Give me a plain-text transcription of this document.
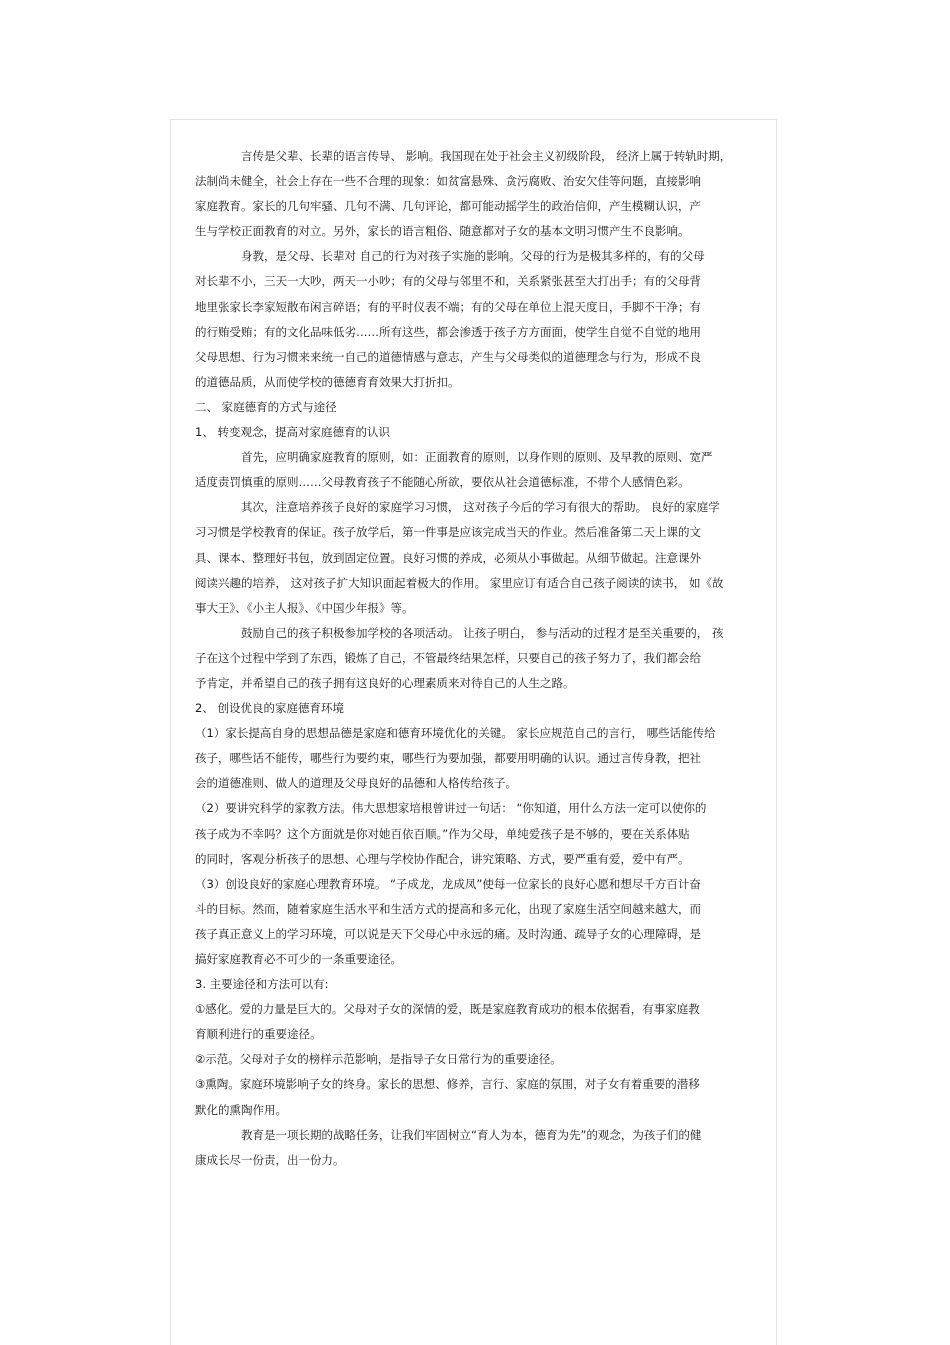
言传是父辈、长辈的语言传导、 影响。我国现在处于社会主义初级阶段， 经济上属于转轨时期，
法制尚未健全，社会上存在一些不合理的现象：如贫富悬殊、贪污腐败、治安欠佳等问题，直接影响
家庭教育。家长的几句牢骚、几句不满、几句评论，都可能动摇学生的政治信仰，产生模糊认识，产
生与学校正面教育的对立。另外，家长的语言粗俗、随意都对子女的基本文明习惯产生不良影响。
身教，是父母、长辈对 自己的行为对孩子实施的影响。父母的行为是极其多样的，有的父母
对长辈不小，三天一大吵，两天一小吵；有的父母与邻里不和，关系紧张甚至大打出手；有的父母背
地里张家长李家短散布闲言碎语；有的平时仪表不端；有的父母在单位上混天度日，手脚不干净；有
的行贿受贿；有的文化品味低劣……所有这些，都会渗透于孩子方方面面，使学生自觉不自觉的地用
父母思想、行为习惯来来统一自己的道德情感与意志，产生与父母类似的道德理念与行为，形成不良
的道德品质，从而使学校的德德育育效果大打折扣。
二、 家庭德育的方式与途径
1、 转变观念，提高对家庭德育的认识
首先，应明确家庭教育的原则，如：正面教育的原则，以身作则的原则、及早教的原则、宽严
适度责罚慎重的原则……父母教育孩子不能随心所欲，要依从社会道德标准，不带个人感情色彩。
其次，注意培养孩子良好的家庭学习习惯， 这对孩子今后的学习有很大的帮助。 良好的家庭学
习习惯是学校教育的保证。孩子放学后，第一件事是应该完成当天的作业。然后准备第二天上课的文
具、课本、整理好书包，放到固定位置。良好习惯的养成，必须从小事做起。从细节做起。注意课外
阅读兴趣的培养， 这对孩子扩大知识面起着极大的作用。 家里应订有适合自己孩子阅读的读书， 如《故
事大王》、《小主人报》、《中国少年报》等。
鼓励自己的孩子积极参加学校的各项活动。 让孩子明白， 参与活动的过程才是至关重要的， 孩
子在这个过程中学到了东西，锻炼了自己，不管最终结果怎样，只要自己的孩子努力了，我们都会给
予肯定，并希望自己的孩子拥有这良好的心理素质来对待自己的人生之路。
2、 创设优良的家庭德育环境
（1）家长提高自身的思想品德是家庭和德育环境优化的关键。 家长应规范自己的言行， 哪些话能传给
孩子，哪些话不能传，哪些行为要约束，哪些行为要加强，都要用明确的认识。通过言传身教，把社
会的道德准则、做人的道理及父母良好的品德和人格传给孩子。
（2）要讲究科学的家教方法。伟大思想家培根曾讲过一句话： “你知道，用什么方法一定可以使你的
孩子成为不幸吗？这个方面就是你对她百依百顺。”作为父母，单纯爱孩子是不够的，要在关系体贴
的同时，客观分析孩子的思想、心理与学校协作配合，讲究策略、方式，要严重有爱，爱中有严。
（3）创设良好的家庭心理教育环境。 “子成龙，龙成凤”使每一位家长的良好心愿和想尽千方百计奋
斗的目标。然而，随着家庭生活水平和生活方式的提高和多元化，出现了家庭生活空间越来越大，而
孩子真正意义上的学习环境，可以说是天下父母心中永远的痛。及时沟通、疏导子女的心理障碍，是
搞好家庭教育必不可少的一条重要途径。
3. 主要途径和方法可以有:
①感化。爱的力量是巨大的。父母对子女的深情的爱，既是家庭教育成功的根本依据看，有事家庭教
育顺利进行的重要途径。
②示范。父母对子女的榜样示范影响，是指导子女日常行为的重要途径。
③熏陶。家庭环境影响子女的终身。家长的思想、修养，言行、家庭的氛围，对子女有着重要的潜移
默化的熏陶作用。
教育是一项长期的战略任务，让我们牢固树立“育人为本，德育为先”的观念，为孩子们的健
康成长尽一份责，出一份力。
